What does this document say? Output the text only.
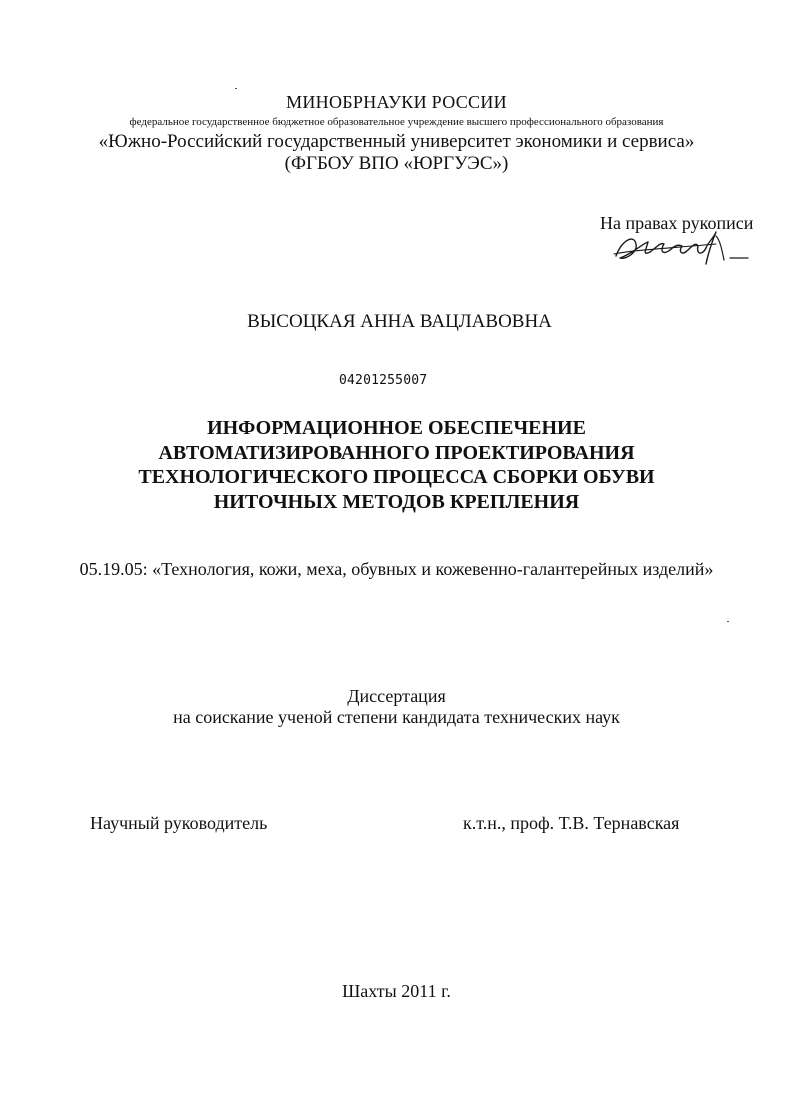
МИНОБРНАУКИ РОССИИ
федеральное государственное бюджетное образовательное учреждение высшего профессионального образования
«Южно-Российский государственный университет экономики и сервиса»
(ФГБОУ ВПО «ЮРГУЭС»)
На правах рукописи
ВЫСОЦКАЯ АННА ВАЦЛАВОВНА
04201255007
ИНФОРМАЦИОННОЕ ОБЕСПЕЧЕНИЕ
АВТОМАТИЗИРОВАННОГО ПРОЕКТИРОВАНИЯ
ТЕХНОЛОГИЧЕСКОГО ПРОЦЕССА СБОРКИ ОБУВИ
НИТОЧНЫХ МЕТОДОВ КРЕПЛЕНИЯ
05.19.05: «Технология, кожи, меха, обувных и кожевенно-галантерейных изделий»
Диссертация
на соискание ученой степени кандидата технических наук
Научный руководитель	к.т.н., проф. Т.В. Тернавская
Шахты 2011 г.
